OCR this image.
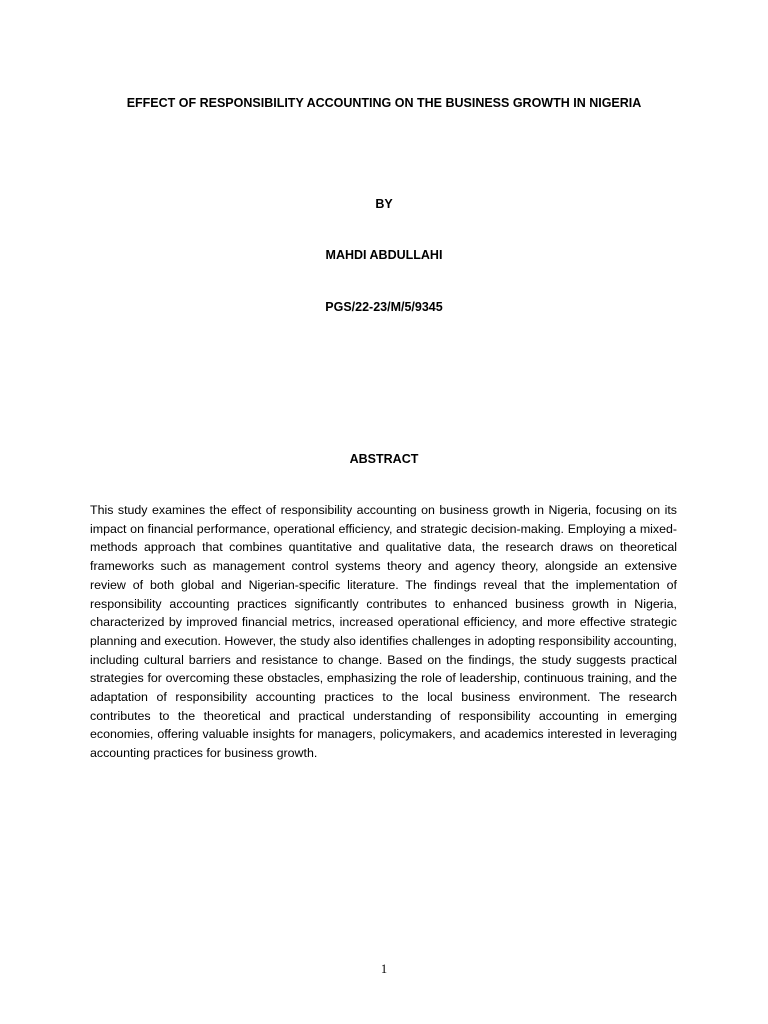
EFFECT OF RESPONSIBILITY ACCOUNTING ON THE BUSINESS GROWTH IN NIGERIA
BY
MAHDI ABDULLAHI
PGS/22-23/M/5/9345
ABSTRACT

This study examines the effect of responsibility accounting on business growth in Nigeria, focusing on its impact on financial performance, operational efficiency, and strategic decision-making. Employing a mixed-methods approach that combines quantitative and qualitative data, the research draws on theoretical frameworks such as management control systems theory and agency theory, alongside an extensive review of both global and Nigerian-specific literature. The findings reveal that the implementation of responsibility accounting practices significantly contributes to enhanced business growth in Nigeria, characterized by improved financial metrics, increased operational efficiency, and more effective strategic planning and execution. However, the study also identifies challenges in adopting responsibility accounting, including cultural barriers and resistance to change. Based on the findings, the study suggests practical strategies for overcoming these obstacles, emphasizing the role of leadership, continuous training, and the adaptation of responsibility accounting practices to the local business environment. The research contributes to the theoretical and practical understanding of responsibility accounting in emerging economies, offering valuable insights for managers, policymakers, and academics interested in leveraging accounting practices for business growth.

1
